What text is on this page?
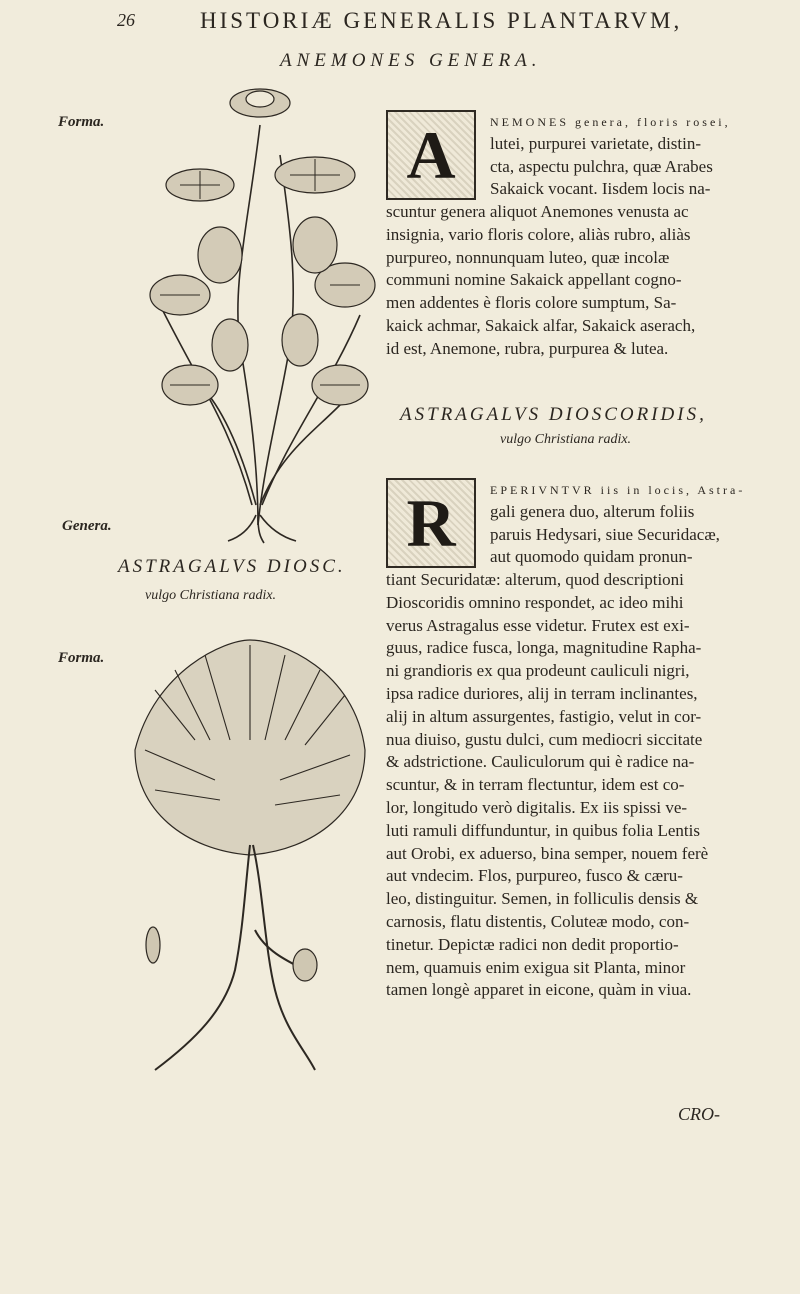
26	HISTORIÆ GENERALIS PLANTARVM,
ANEMONES GENERA.
Forma.
Genera.
Forma.
ASTRAGALVS DIOSC.
vulgo Christiana radix.
A	NEMONES genera, floris rosei,
lutei, purpurei varietate, distin-
cta, aspectu pulchra, quæ Arabes
Sakaick vocant. Iisdem locis na-
scuntur genera aliquot Anemones venusta ac
insignia, vario floris colore, aliàs rubro, aliàs
purpureo, nonnunquam luteo, quæ incolæ
communi nomine Sakaick appellant cogno-
men addentes è floris colore sumptum, Sa-
kaick achmar, Sakaick alfar, Sakaick aserach,
id est, Anemone, rubra, purpurea & lutea.
ASTRAGALVS DIOSCORIDIS,
vulgo Christiana radix.
R	EPERIVNTVR iis in locis, Astra-
gali genera duo, alterum foliis
paruis Hedysari, siue Securidacæ,
aut quomodo quidam pronun-
tiant Securidatæ: alterum, quod descriptioni
Dioscoridis omnino respondet, ac ideo mihi
verus Astragalus esse videtur. Frutex est exi-
guus, radice fusca, longa, magnitudine Rapha-
ni grandioris ex qua prodeunt cauliculi nigri,
ipsa radice duriores, alij in terram inclinantes,
alij in altum assurgentes, fastigio, velut in cor-
nua diuiso, gustu dulci, cum mediocri siccitate
& adstrictione. Cauliculorum qui è radice na-
scuntur, & in terram flectuntur, idem est co-
lor, longitudo verò digitalis. Ex iis spissi ve-
luti ramuli diffunduntur, in quibus folia Lentis
aut Orobi, ex aduerso, bina semper, nouem ferè
aut vndecim. Flos, purpureo, fusco & cæru-
leo, distinguitur. Semen, in folliculis densis &
carnosis, flatu distentis, Coluteæ modo, con-
tinetur. Depictæ radici non dedit proportio-
nem, quamuis enim exigua sit Planta, minor
tamen longè apparet in eicone, quàm in viua.
CRO-
